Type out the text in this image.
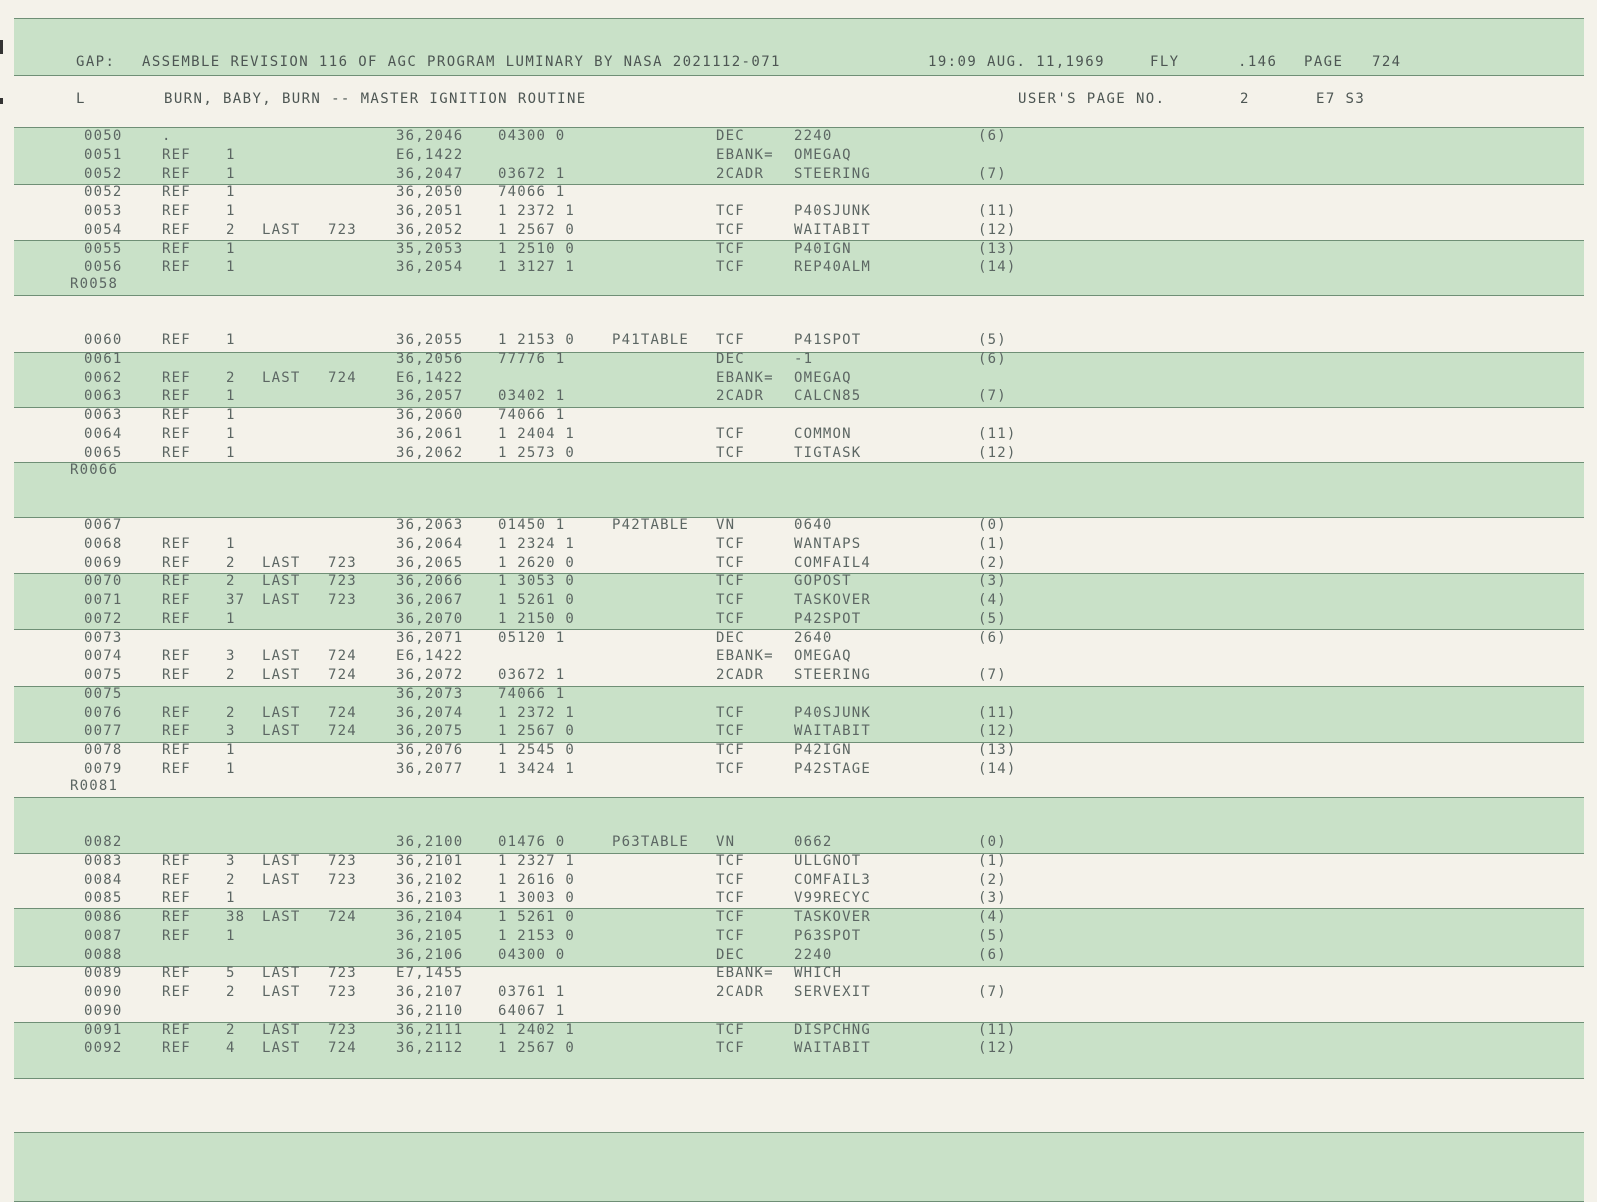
GAP:

ASSEMBLE REVISION 116 OF AGC PROGRAM LUMINARY BY NASA 2021112-071

	19:09 AUG. 11,1969

	FLY

	.146

PAGE

724

L

	BURN, BABY, BURN -- MASTER IGNITION ROUTINE

	USER'S PAGE NO.

	2

	E7 S3

0050	.	36,2046 04300 0	DEC	2240	(6)
0051	REF	1	E6,1422	EBANK= OMEGAQ
0052	REF	1	36,2047 03672 1	2CADR STEERING	(7)
0052	REF	1	36,2050 74066 1
0053	REF	1	36,2051 1 2372 1	TCF	P40SJUNK	(11)
0054	REF	2 LAST 723	36,2052 1 2567 0	TCF	WAITABIT	(12)
0055	REF	1	35,2053 1 2510 0	TCF	P40IGN	(13)
0056	REF	1	36,2054 1 3127 1	TCF	REP40ALM	(14)
R0058
0060	REF	1	36,2055 1 2153 0	P41TABLE TCF	P41SPOT	(5)
0061	36,2056 77776 1	DEC	-1	(6)
0062	REF	2 LAST 724	E6,1422	EBANK= OMEGAQ
0063	REF	1	36,2057 03402 1	2CADR CALCN85	(7)
0063	REF	1	36,2060 74066 1
0064	REF	1	36,2061 1 2404 1	TCF	COMMON	(11)
0065	REF	1	36,2062 1 2573 0	TCF	TIGTASK	(12)
R0066
0067	36,2063 01450 1	P42TABLE VN	0640	(0)
0068	REF	1	36,2064 1 2324 1	TCF	WANTAPS	(1)
0069	REF	2 LAST 723	36,2065 1 2620 0	TCF	COMFAIL4	(2)
0070	REF	2 LAST 723	36,2066 1 3053 0	TCF	GOPOST	(3)
0071	REF	37 LAST 723	36,2067 1 5261 0	TCF	TASKOVER	(4)
0072	REF	1	36,2070 1 2150 0	TCF	P42SPOT	(5)
0073	36,2071 05120 1	DEC	2640	(6)
0074	REF	3 LAST 724	E6,1422	EBANK= OMEGAQ
0075	REF	2 LAST 724	36,2072 03672 1	2CADR STEERING	(7)
0075	36,2073 74066 1
0076	REF	2 LAST 724	36,2074 1 2372 1	TCF	P40SJUNK	(11)
0077	REF	3 LAST 724	36,2075 1 2567 0	TCF	WAITABIT	(12)
0078	REF	1	36,2076 1 2545 0	TCF	P42IGN	(13)
0079	REF	1	36,2077 1 3424 1	TCF	P42STAGE	(14)
R0081
0082	36,2100 01476 0	P63TABLE VN	0662	(0)
0083	REF	3 LAST 723	36,2101 1 2327 1	TCF	ULLGNOT	(1)
0084	REF	2 LAST 723	36,2102 1 2616 0	TCF	COMFAIL3	(2)
0085	REF	1	36,2103 1 3003 0	TCF	V99RECYC	(3)
0086	REF	38 LAST 724	36,2104 1 5261 0	TCF	TASKOVER	(4)
0087	REF	1	36,2105 1 2153 0	TCF	P63SPOT	(5)
0088	36,2106 04300 0	DEC	2240	(6)
0089	REF	5 LAST 723	E7,1455	EBANK= WHICH
0090	REF	2 LAST 723	36,2107 03761 1	2CADR SERVEXIT	(7)
0090	36,2110 64067 1
0091	REF	2 LAST 723	36,2111 1 2402 1	TCF	DISPCHNG	(11)
0092	REF	4 LAST 724	36,2112 1 2567 0	TCF	WAITABIT	(12)
